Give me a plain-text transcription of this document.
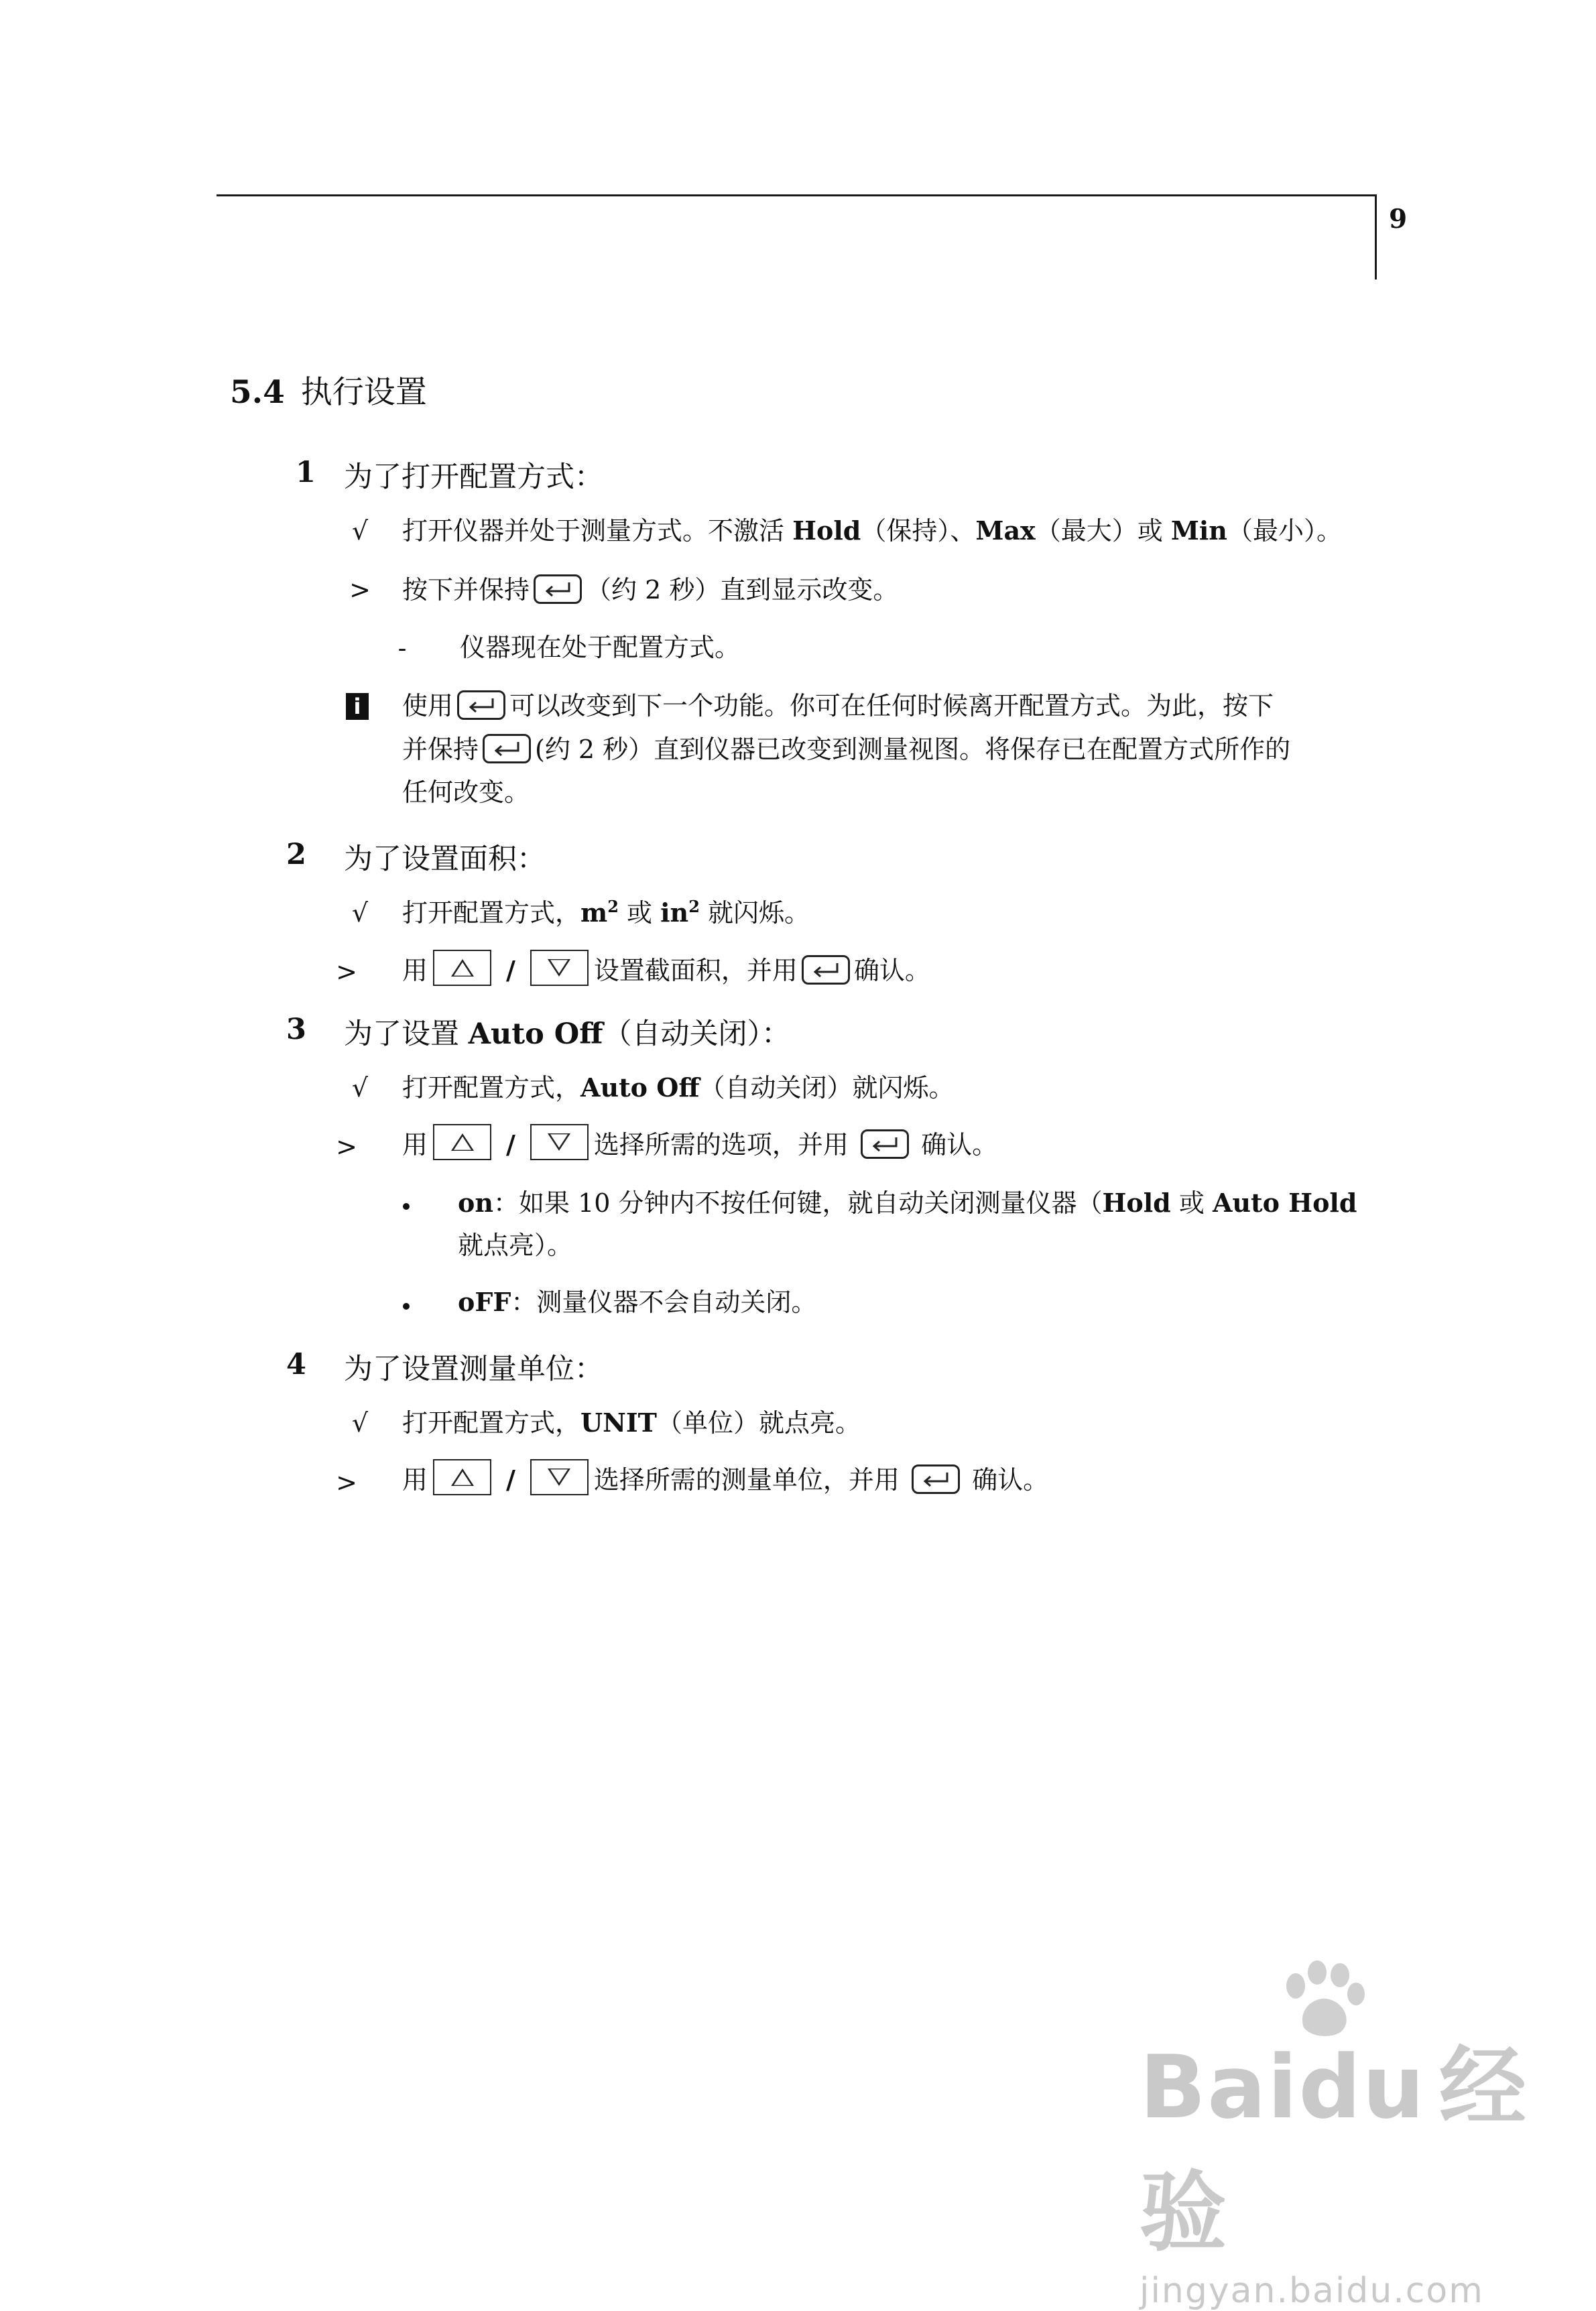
9
5.4 执行设置
1 为了打开配置方式：
√ 打开仪器并处于测量方式。不激活 Hold（保持）、Max（最大）或 Min（最小）。
> 按下并保持 （约 2 秒）直到显示改变。
-	仪器现在处于配置方式。
i	使用 可以改变到下一个功能。你可在任何时候离开配置方式。为此，按下
并保持 (约 2 秒）直到仪器已改变到测量视图。将保存已在配置方式所作的
任何改变。
2 为了设置面积：
√ 打开配置方式，$m^2$ 或 $in^2$ 就闪烁。
> 用	/	设置截面积，并用 确认。
3 为了设置 Auto Off（自动关闭）：
√ 打开配置方式，Auto Off（自动关闭）就闪烁。
> 用	/	选择所需的选项，并用
确认。
on：如果 10 分钟内不按任何键，就自动关闭测量仪器（Hold 或 Auto Hold
就点亮）。
oFF：测量仪器不会自动关闭。
4 为了设置测量单位：
√ 打开配置方式，UNIT（单位）就点亮。
> 用	/	选择所需的测量单位，并用
确认。
Baidu 经验
jingyan.baidu.com
